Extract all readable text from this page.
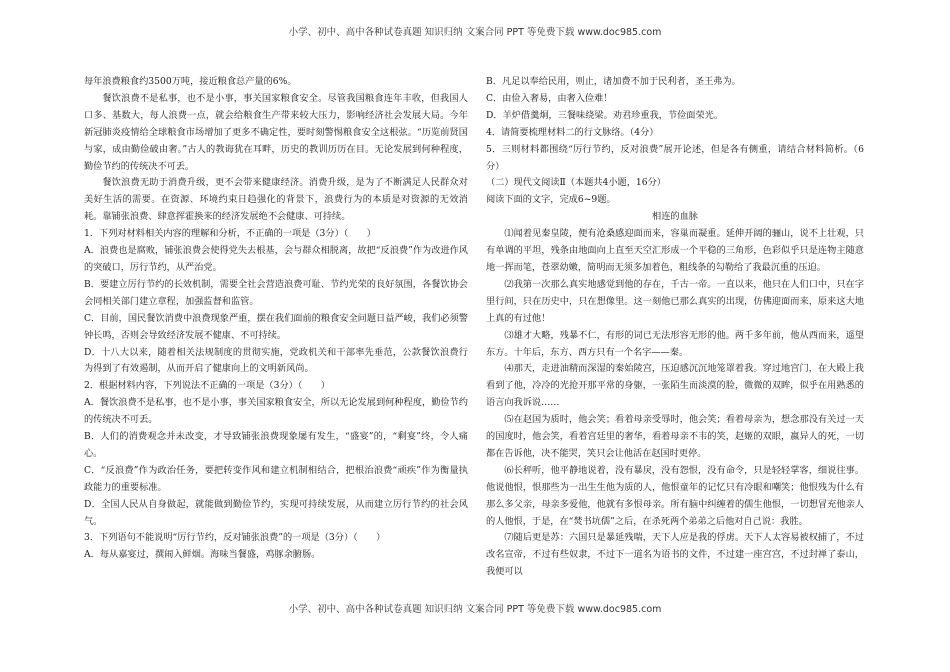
小学、初中、高中各种试卷真题 知识归纳 文案合同 PPT 等免费下载 www.doc985.com

每年浪费粮食约3500万吨，接近粮食总产量的6%。

餐饮浪费不是私事，也不是小事，事关国家粮食安全。尽管我国粮食连年丰收，但我国人口多、基数大，每人浪费一点，就会给粮食生产带来较大压力，影响经济社会发展大局。今年新冠肺炎疫情给全球粮食市场增加了更多不确定性，要时刻警惕粮食安全这根弦。“历览前贤国与家，成由勤俭破由奢。”古人的教诲犹在耳畔，历史的教训历历在目。无论发展到何种程度，勤俭节约的传统决不可丢。

餐饮浪费无助于消费升级，更不会带来健康经济。消费升级，是为了不断满足人民群众对美好生活的需要。在资源、环境约束日趋强化的背景下，浪费行为的本质是对资源的无效消耗。靠铺张浪费、肆意挥霍换来的经济发展绝不会健康、可持续。

1．下列对材料相关内容的理解和分析，不正确的一项是（3分）（　　）

A．浪费也是腐败，铺张浪费会使得党失去根基，会与群众相脱离，故把“反浪费”作为改进作风的突破口，厉行节约，从严治党。

B．要建立厉行节约的长效机制，需要全社会营造浪费可耻、节约光荣的良好氛围，各餐饮协会会同相关部门建立章程，加强监督和监管。

C．目前，国民餐饮消费中浪费现象严重，摆在我们面前的粮食安全问题日益严峻，我们必须警钟长鸣，否则会导致经济发展不健康、不可持续。

D．十八大以来，随着相关法规制度的贯彻实施，党政机关和干部率先垂范，公款餐饮浪费行为得到了有效遏制，从而开启了健康向上的文明新风尚。

2．根据材料内容，下列说法不正确的一项是（3分）（　　）

A．餐饮浪费不是私事，也不是小事，事关国家粮食安全，所以无论发展到何种程度，勤俭节约的传统决不可丢。

B．人们的消费观念并未改变，才导致铺张浪费现象屡有发生，“盛宴”的，“剩宴”终，令人痛心。

C．“反浪费”作为政治任务，要把转变作风和建立机制相结合，把根治浪费“顽疾”作为衡量执政能力的重要标准。

D．全国人民从自身做起，就能做到勤俭节约，实现可持续发展，从而建立厉行节约的社会风气。

3．下列语句不能说明“厉行节约，反对铺张浪费”的一项是（3分）（　　）

A．每从嘉宴过，撰闹入鲜烟。海味当餐盛，鸡豚余腑肠。

B．凡足以奉给民用，则止，诸加费不加于民利者，圣王弗为。

C．由俭入奢易，由奢入俭难！

D．羊炉借羹炯，三餐味绕梁。劝君珍重我，节俭面荣光。

4．请简要梳理材料二的行文脉络。（4分）

5．三则材料都围绕“厉行节约，反对浪费”展开论述，但是各有侧重，请结合材料简析。（6分）

（二）现代文阅读Ⅱ（本题共4小题，16分）

阅读下面的文字，完成6~9题。

相连的血脉

⑴闻着见秦皇陵，便有沧桑感迎面而来，容巢而凝重。延伸开阔的骊山，说不上壮观，只有单调的平坦，残条由地面向上直至天空汇形成一个平稳的三角形，色彩似乎只是连物主随意地一挥而笔，苍翠幼嫩，简明而无须多加着色，粗线条的勾勒给了我最沉重的压迫。

⑵我第一次那么真实地感觉到他的存在，千古一帝。一直以来，他只在人们口中，只在字里行间，只在历史中，只在想像里。这一刻他已那么真实的出现，仿佛迎面而来，原来这大地上真的有过他！

⑶雄才大略，残暴不仁，有形的词已无法形容无形的他。两千多年前，他从西而来，遥望东方。十年后，东方、西方只有一个名字——秦。

⑷那天，走进油精而深湿的秦始陵宫，压迫感沉沉地笼罩着我。穿过地宫门，在大殿上我看到了他，冷冷的光抢开那平常的身躯，一张陌生而淡漠的脸，微微的双眸，似乎在用熟悉的语言向我诉说……

⑸在赵国为质时，他会笑；看着母亲受辱时，他会笑；看着母亲为，想念那没有关过一天的国度时，他会笑，看着宫廷里的奢华，看着母亲不韦的笑，赵姬的双眼，嬴异人的死，一切都在告诉他，决不能哭，笑只会让他活在赵国时更停。

⑹长秤听，他平静地说着，没有暴戾，没有怨恨，没有命令，只是轻轻掌客，细说往事。他说他恨，恨那些为一出生生他为质的人，他恨童年的记忆只有冷眼和嘲笑；他恨残为什么有那么多父亲，母亲多爱他，他就有多恨母亲。所有脑中纠缠着的儒生他恨，一切想冒充他亲人的人他恨，于是，在“焚书坑儒”之后，在杀死两个弟弟之后他对自己说：我胜。

⑺随后更是苏：六国只是暴延残喘，天下人应是我的俘虏。天下人太容易被权捕了，不过改名宣帝，不过有些奴隶，不过下一道名为语书的文件，不过建一座宫宫，不过封禅了泰山，我便可以

小学、初中、高中各种试卷真题 知识归纳 文案合同 PPT 等免费下载 www.doc985.com
